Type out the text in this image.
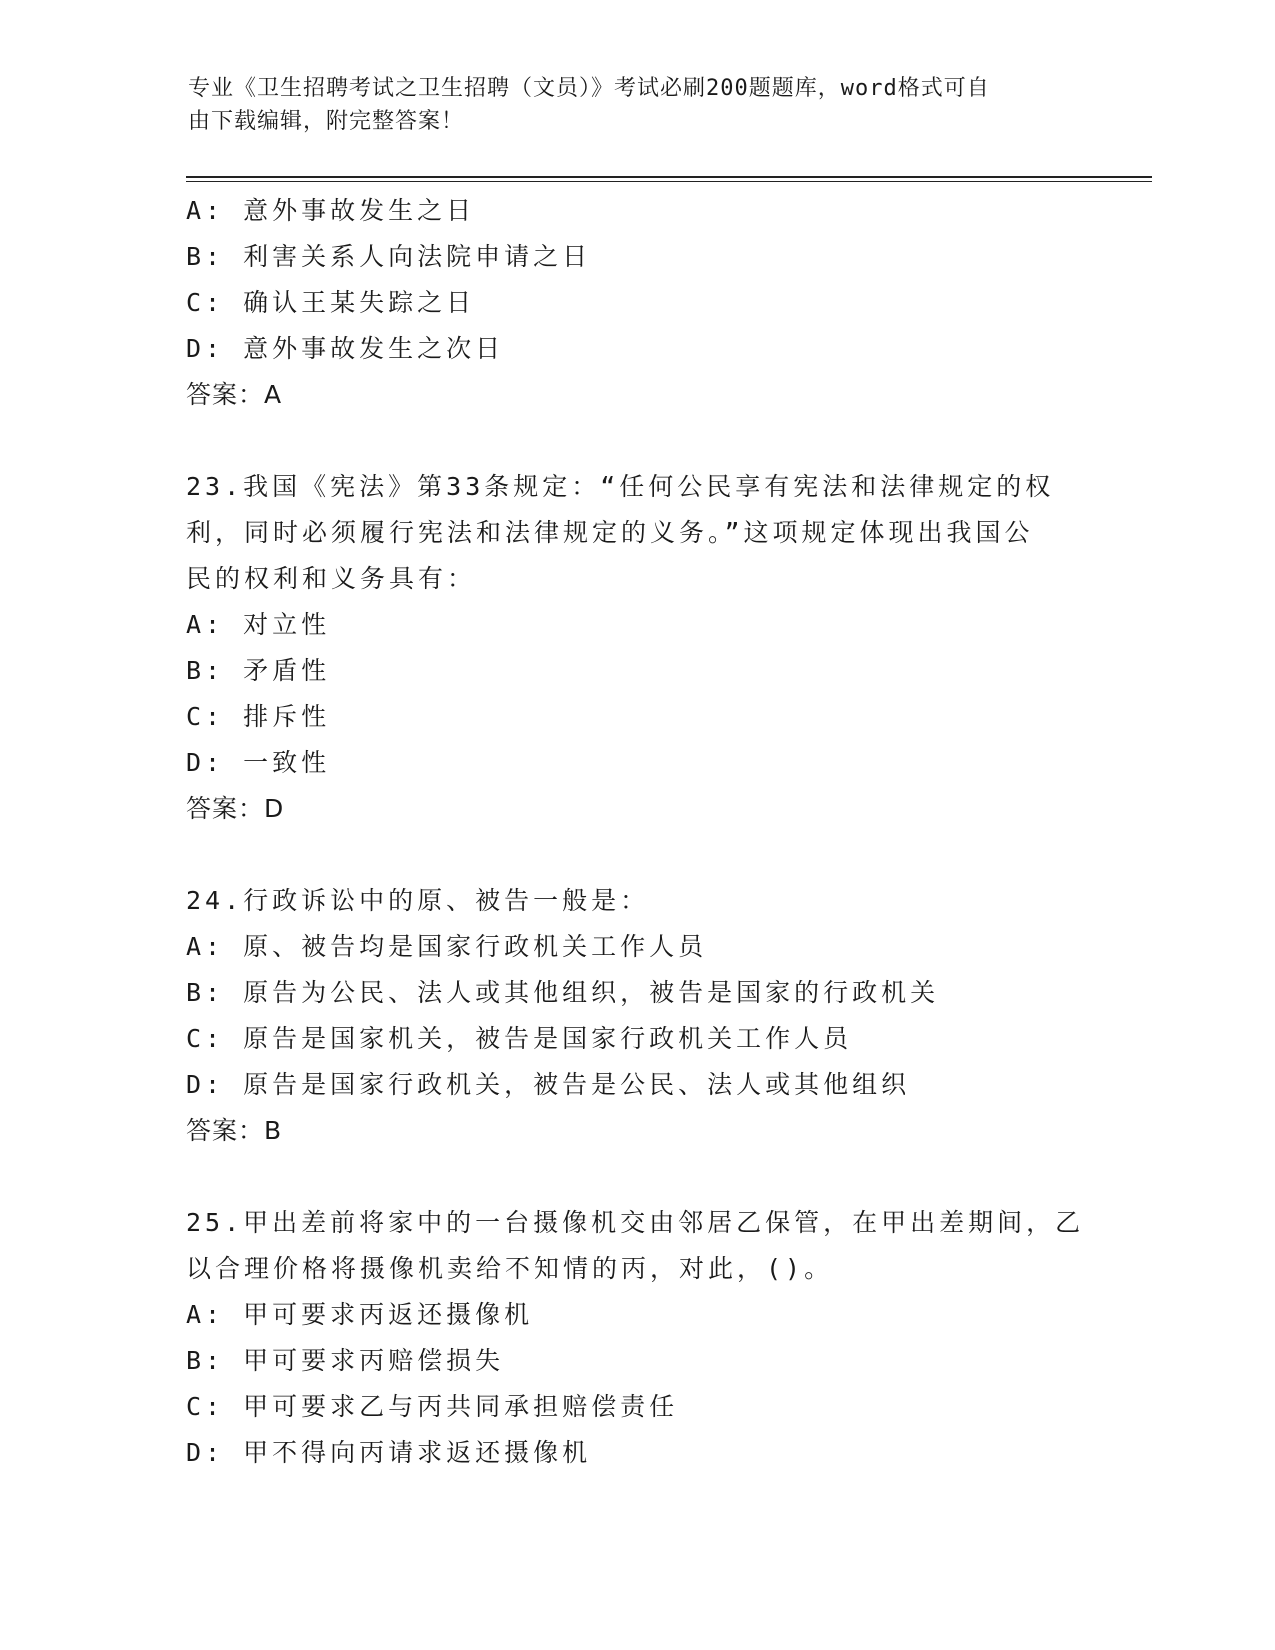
专业《卫生招聘考试之卫生招聘（文员）》考试必刷200题题库，word格式可自
由下载编辑，附完整答案！
A: 意外事故发生之日
B: 利害关系人向法院申请之日
C: 确认王某失踪之日
D: 意外事故发生之次日
答案：A
23.我国《宪法》第33条规定：“任何公民享有宪法和法律规定的权
利，同时必须履行宪法和法律规定的义务。”这项规定体现出我国公
民的权利和义务具有：
A: 对立性
B: 矛盾性
C: 排斥性
D: 一致性
答案：D
24.行政诉讼中的原、被告一般是：
A: 原、被告均是国家行政机关工作人员
B: 原告为公民、法人或其他组织，被告是国家的行政机关
C: 原告是国家机关，被告是国家行政机关工作人员
D: 原告是国家行政机关，被告是公民、法人或其他组织
答案：B
25.甲出差前将家中的一台摄像机交由邻居乙保管，在甲出差期间，乙
以合理价格将摄像机卖给不知情的丙，对此，()。
A: 甲可要求丙返还摄像机
B: 甲可要求丙赔偿损失
C: 甲可要求乙与丙共同承担赔偿责任
D: 甲不得向丙请求返还摄像机
